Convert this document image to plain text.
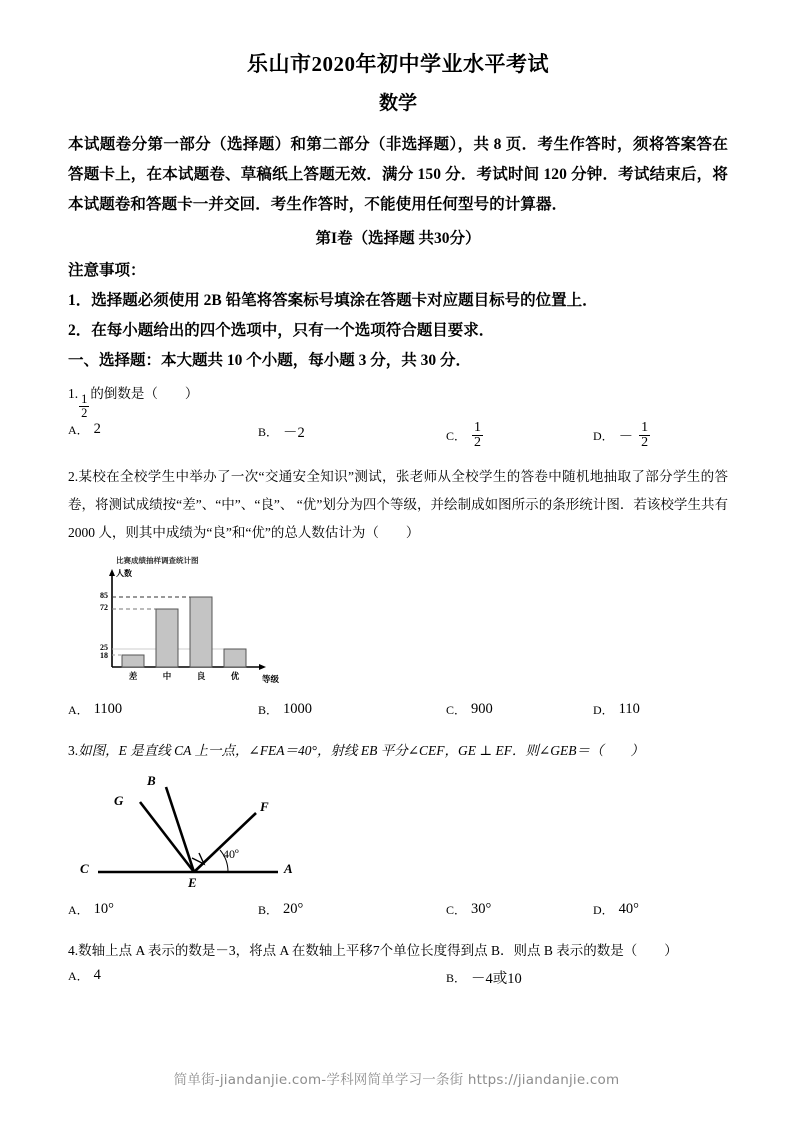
乐山市2020年初中学业水平考试
数学

本试题卷分第一部分（选择题）和第二部分（非选择题），共 8 页．考生作答时，须将答案答在答题卡上，在本试题卷、草稿纸上答题无效．满分 150 分．考试时间 120 分钟．考试结束后，将本试题卷和答题卡一并交回．考生作答时，不能使用任何型号的计算器．

第I卷（选择题 共30分）
注意事项：
1．选择题必须使用 2B 铅笔将答案标号填涂在答题卡对应题目标号的位置上．
2．在每小题给出的四个选项中，只有一个选项符合题目要求．
一、选择题：本大题共 10 个小题，每小题 3 分，共 30 分．
1. $\frac{1}{2}$ 的倒数是（　　）
A． 2	B． －2	C． $\frac{1}{2}$	D． － $\frac{1}{2}$
2.某校在全校学生中举办了一次“交通安全知识”测试，张老师从全校学生的答卷中随机地抽取了部分学生的答卷，将测试成绩按“差”、“中”、“良”、 “优”划分为四个等级，并绘制成如图所示的条形统计图．若该校学生共有 2000 人，则其中成绩为“良”和“优”的总人数估计为（　　）
比赛成绩抽样调查统计图
人数
85
72
25
18
差	中	良	优	等级
A． 1100	B． 1000	C． 900	D． 110
3.如图，E 是直线 CA 上一点，∠FEA＝40°，射线 EB 平分∠CEF，GE ⊥ EF．则∠GEB＝（　　）
G
B
F
C	A
E
40º
A． 10°	B． 20°	C． 30°	D． 40°
4.数轴上点 A 表示的数是－3，将点 A 在数轴上平移7个单位长度得到点 B．则点 B 表示的数是（　　）
A． 4	B． －4或10
简单街-jiandanjie.com-学科网简单学习一条街 https://jiandanjie.com
